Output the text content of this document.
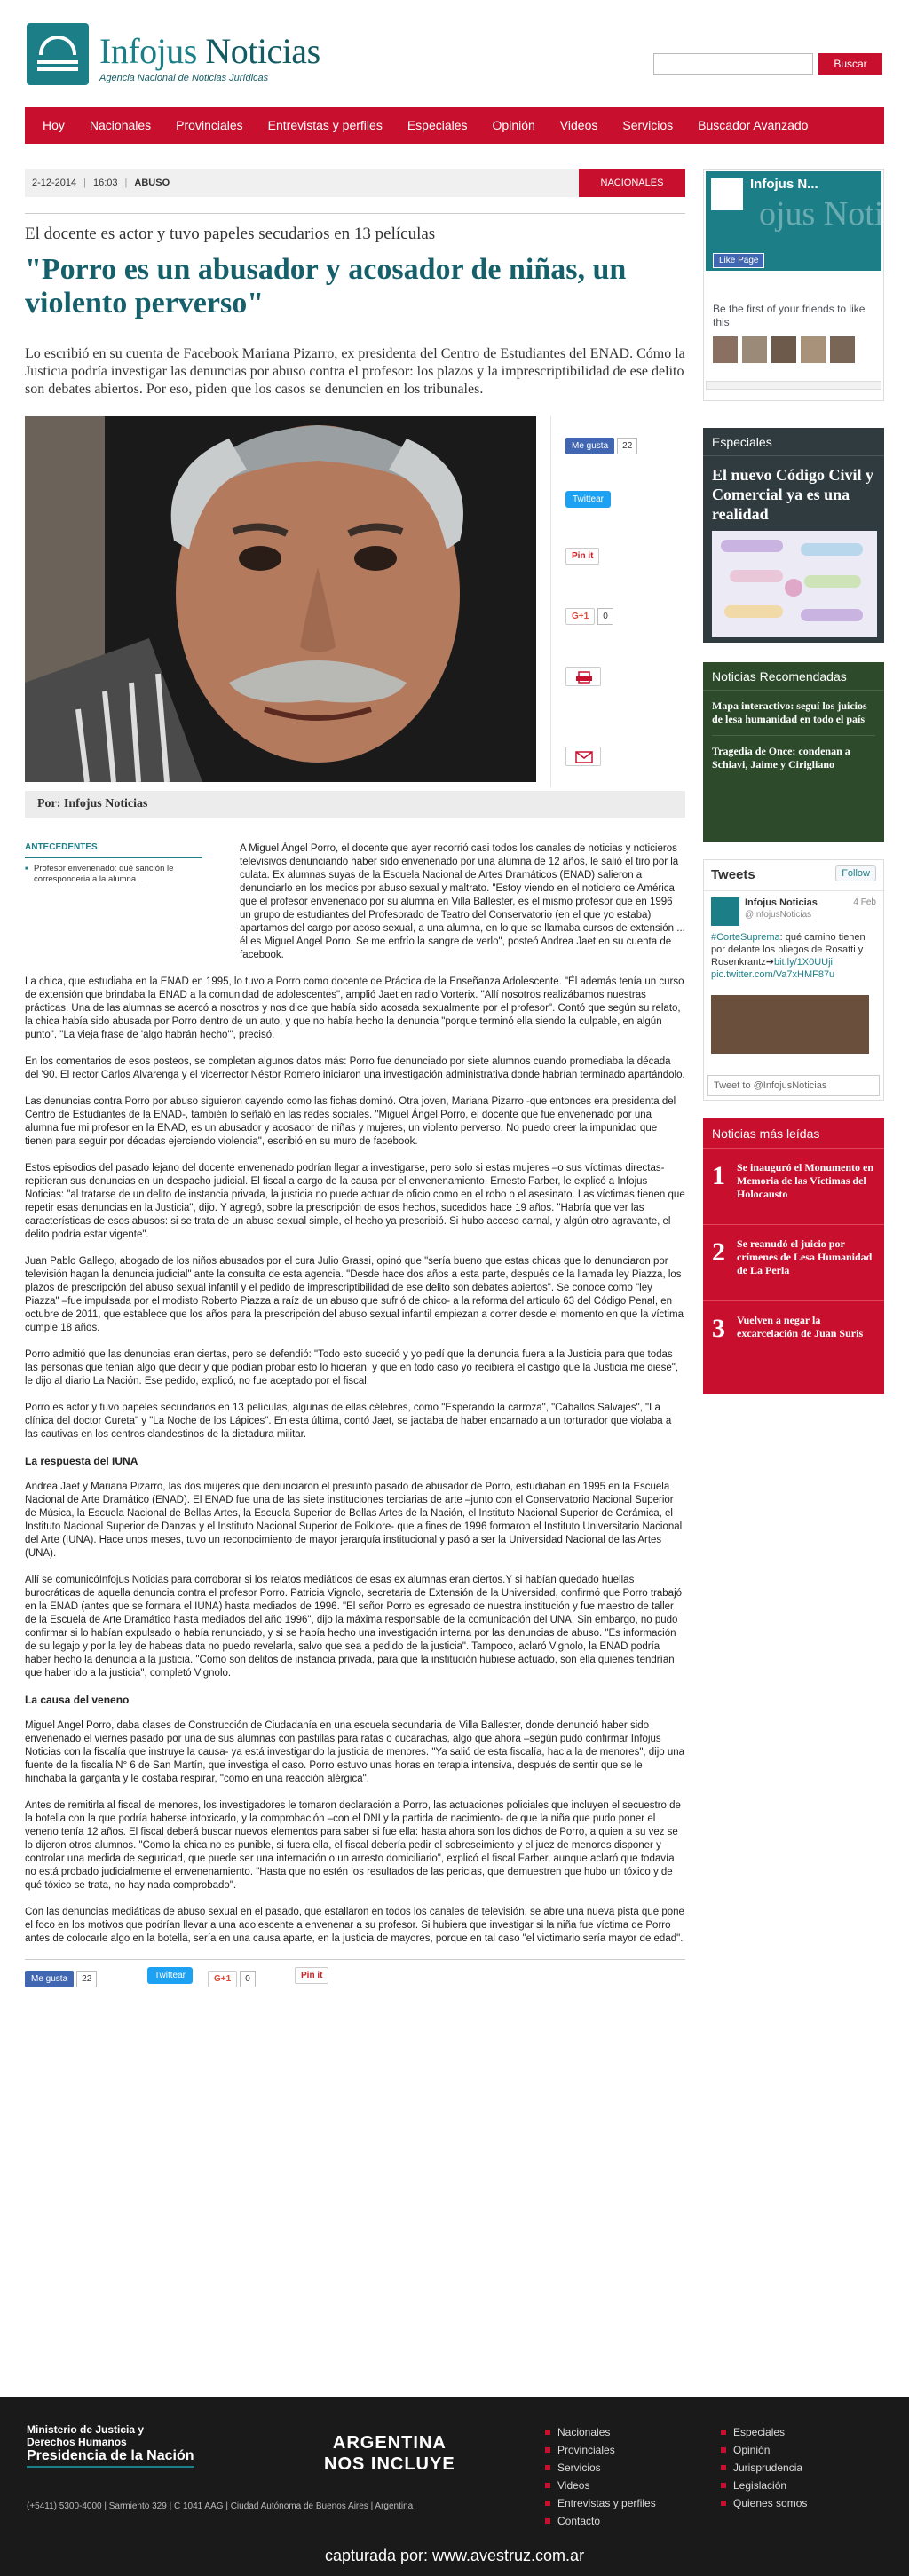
Infojus Noticias
Agencia Nacional de Noticias Jurídicas
Buscar
Hoy	Nacionales	Provinciales	Entrevistas y perfiles	Especiales	Opinión	Videos	Servicios	Buscador Avanzado
2-12-2014 | 16:03 | ABUSO	NACIONALES
El docente es actor y tuvo papeles secudarios en 13 películas
"Porro es un abusador y acosador de niñas, un violento perverso"
Lo escribió en su cuenta de Facebook Mariana Pizarro, ex presidenta del Centro de Estudiantes del ENAD. Cómo la Justicia podría investigar las denuncias por abuso contra el profesor: los plazos y la imprescriptibilidad de ese delito son debates abiertos. Por eso, piden que los casos se denuncien en los tribunales.
Me gusta 22
Twittear
Pin it
G+1 0
Por: Infojus Noticias
ANTECEDENTES
■ Profesor envenenado: qué sanción le corresponderia a la alumna...

A Miguel Ángel Porro, el docente que ayer recorrió casi todos los canales de noticias y noticieros televisivos denunciando haber sido envenenado por una alumna de 12 años, le salió el tiro por la culata. Ex alumnas suyas de la Escuela Nacional de Artes Dramáticos (ENAD) salieron a denunciarlo en los medios por abuso sexual y maltrato. "Estoy viendo en el noticiero de América que el profesor envenenado por su alumna en Villa Ballester, es el mismo profesor que en 1996 un grupo de estudiantes del Profesorado de Teatro del Conservatorio (en el que yo estaba) apartamos del cargo por acoso sexual, a una alumna, en lo que se llamaba cursos de extensión ... él es Miguel Angel Porro. Se me enfrío la sangre de verlo", posteó Andrea Jaet en su cuenta de facebook.

La chica, que estudiaba en la ENAD en 1995, lo tuvo a Porro como docente de Práctica de la Enseñanza Adolescente. "Él además tenía un curso de extensión que brindaba la ENAD a la comunidad de adolescentes", amplió Jaet en radio Vorterix. "Allí nosotros realizábamos nuestras prácticas. Una de las alumnas se acercó a nosotros y nos dice que había sido acosada sexualmente por el profesor". Contó que según su relato, la chica había sido abusada por Porro dentro de un auto, y que no había hecho la denuncia "porque terminó ella siendo la culpable, en algún punto". "La vieja frase de 'algo habrán hecho'", precisó.

En los comentarios de esos posteos, se completan algunos datos más: Porro fue denunciado por siete alumnos cuando promediaba la década del '90. El rector Carlos Alvarenga y el vicerrector Néstor Romero iniciaron una investigación administrativa donde habrían terminado apartándolo.

Las denuncias contra Porro por abuso siguieron cayendo como las fichas dominó. Otra joven, Mariana Pizarro -que entonces era presidenta del Centro de Estudiantes de la ENAD-, también lo señaló en las redes sociales. "Miguel Ángel Porro, el docente que fue envenenado por una alumna fue mi profesor en la ENAD, es un abusador y acosador de niñas y mujeres, un violento perverso. No puedo creer la impunidad que tienen para seguir por décadas ejerciendo violencia", escribió en su muro de facebook.

Estos episodios del pasado lejano del docente envenenado podrían llegar a investigarse, pero solo si estas mujeres –o sus víctimas directas- repitieran sus denuncias en un despacho judicial. El fiscal a cargo de la causa por el envenenamiento, Ernesto Farber, le explicó a Infojus Noticias: "al tratarse de un delito de instancia privada, la justicia no puede actuar de oficio como en el robo o el asesinato. Las víctimas tienen que repetir esas denuncias en la Justicia", dijo. Y agregó, sobre la prescripción de esos hechos, sucedidos hace 19 años. "Habría que ver las características de esos abusos: si se trata de un abuso sexual simple, el hecho ya prescribió. Si hubo acceso carnal, y algún otro agravante, el delito podría estar vigente".

Juan Pablo Gallego, abogado de los niños abusados por el cura Julio Grassi, opinó que "sería bueno que estas chicas que lo denunciaron por televisión hagan la denuncia judicial" ante la consulta de esta agencia. "Desde hace dos años a esta parte, después de la llamada ley Piazza, los plazos de prescripción del abuso sexual infantil y el pedido de imprescriptibilidad de ese delito son debates abiertos". Se conoce como "ley Piazza" –fue impulsada por el modisto Roberto Piazza a raíz de un abuso que sufrió de chico- a la reforma del artículo 63 del Código Penal, en octubre de 2011, que establece que los años para la prescripción del abuso sexual infantil empiezan a correr desde el momento en que la víctima cumple 18 años.

Porro admitió que las denuncias eran ciertas, pero se defendió: "Todo esto sucedió y yo pedí que la denuncia fuera a la Justicia para que todas las personas que tenían algo que decir y que podían probar esto lo hicieran, y que en todo caso yo recibiera el castigo que la Justicia me diese", le dijo al diario La Nación. Ese pedido, explicó, no fue aceptado por el fiscal.

Porro es actor y tuvo papeles secundarios en 13 películas, algunas de ellas célebres, como "Esperando la carroza", "Caballos Salvajes", "La clínica del doctor Cureta" y "La Noche de los Lápices". En esta última, contó Jaet, se jactaba de haber encarnado a un torturador que violaba a las cautivas en los centros clandestinos de la dictadura militar.

La respuesta del IUNA

Andrea Jaet y Mariana Pizarro, las dos mujeres que denunciaron el presunto pasado de abusador de Porro, estudiaban en 1995 en la Escuela Nacional de Arte Dramático (ENAD). El ENAD fue una de las siete instituciones terciarias de arte –junto con el Conservatorio Nacional Superior de Música, la Escuela Nacional de Bellas Artes, la Escuela Superior de Bellas Artes de la Nación, el Instituto Nacional Superior de Cerámica, el Instituto Nacional Superior de Danzas y el Instituto Nacional Superior de Folklore- que a fines de 1996 formaron el Instituto Universitario Nacional del Arte (IUNA). Hace unos meses, tuvo un reconocimiento de mayor jerarquía institucional y pasó a ser la Universidad Nacional de las Artes (UNA).

Allí se comunicóInfojus Noticias para corroborar si los relatos mediáticos de esas ex alumnas eran ciertos.Y si habían quedado huellas burocráticas de aquella denuncia contra el profesor Porro. Patricia Vignolo, secretaria de Extensión de la Universidad, confirmó que Porro trabajó en la ENAD (antes que se formara el IUNA) hasta mediados de 1996. "El señor Porro es egresado de nuestra institución y fue maestro de taller de la Escuela de Arte Dramático hasta mediados del año 1996", dijo la máxima responsable de la comunicación del UNA. Sin embargo, no pudo confirmar si lo habían expulsado o había renunciado, y si se había hecho una investigación interna por las denuncias de abuso. "Es información de su legajo y por la ley de habeas data no puedo revelarla, salvo que sea a pedido de la justicia". Tampoco, aclaró Vignolo, la ENAD podría haber hecho la denuncia a la justicia. "Como son delitos de instancia privada, para que la institución hubiese actuado, son ella quienes tendrían que haber ido a la justicia", completó Vignolo.

La causa del veneno

Miguel Angel Porro, daba clases de Construcción de Ciudadanía en una escuela secundaria de Villa Ballester, donde denunció haber sido envenenado el viernes pasado por una de sus alumnas con pastillas para ratas o cucarachas, algo que ahora –según pudo confirmar Infojus Noticias con la fiscalía que instruye la causa- ya está investigando la justicia de menores. "Ya salió de esta fiscalía, hacia la de menores", dijo una fuente de la fiscalía N° 6 de San Martín, que investiga el caso. Porro estuvo unas horas en terapia intensiva, después de sentir que se le hinchaba la garganta y le costaba respirar, "como en una reacción alérgica".

Antes de remitirla al fiscal de menores, los investigadores le tomaron declaración a Porro, las actuaciones policiales que incluyen el secuestro de la botella con la que podría haberse intoxicado, y la comprobación –con el DNI y la partida de nacimiento- de que la niña que pudo poner el veneno tenía 12 años. El fiscal deberá buscar nuevos elementos para saber si fue ella: hasta ahora son los dichos de Porro, a quien a su vez se lo dijeron otros alumnos. "Como la chica no es punible, si fuera ella, el fiscal debería pedir el sobreseimiento y el juez de menores disponer y controlar una medida de seguridad, que puede ser una internación o un arresto domiciliario", explicó el fiscal Farber, aunque aclaró que todavía no está probado judicialmente el envenenamiento. "Hasta que no estén los resultados de las pericias, que demuestren que hubo un tóxico y de qué tóxico se trata, no hay nada comprobado".

Con las denuncias mediáticas de abuso sexual en el pasado, que estallaron en todos los canales de televisión, se abre una nueva pista que pone el foco en los motivos que podrían llevar a una adolescente a envenenar a su profesor. Si hubiera que investigar si la niña fue víctima de Porro antes de colocarle algo en la botella, sería en una causa aparte, en la justicia de mayores, porque en tal caso "el victimario sería mayor de edad".

Me gusta 22	Twittear	G+1 0	Pin it
Infojus N...
ojus Noti
Like Page
Be the first of your friends to like this
Especiales
El nuevo Código Civil y Comercial ya es una realidad
Noticias Recomendadas
Mapa interactivo: seguí los juicios de lesa humanidad en todo el país
Tragedia de Once: condenan a Schiavi, Jaime y Cirigliano
Tweets	Follow
Infojus Noticias
@InfojusNoticias
4 Feb
#CorteSuprema: qué camino tienen por delante los pliegos de Rosatti y Rosenkrantz➔bit.ly/1X0UUji pic.twitter.com/Va7xHMF87u
Tweet to @InfojusNoticias
Noticias más leídas
1 Se inauguró el Monumento en Memoria de las Víctimas del Holocausto
2 Se reanudó el juicio por crímenes de Lesa Humanidad de La Perla
3 Vuelven a negar la excarcelación de Juan Suris
Ministerio de Justicia y Derechos Humanos
Presidencia de la Nación
ARGENTINA
NOS INCLUYE
(+5411) 5300-4000 | Sarmiento 329 | C 1041 AAG | Ciudad Autónoma de Buenos Aires | Argentina
Nacionales
Provinciales
Servicios
Videos
Entrevistas y perfiles
Contacto
Especiales
Opinión
Jurisprudencia
Legislación
Quienes somos
capturada por: www.avestruz.com.ar
